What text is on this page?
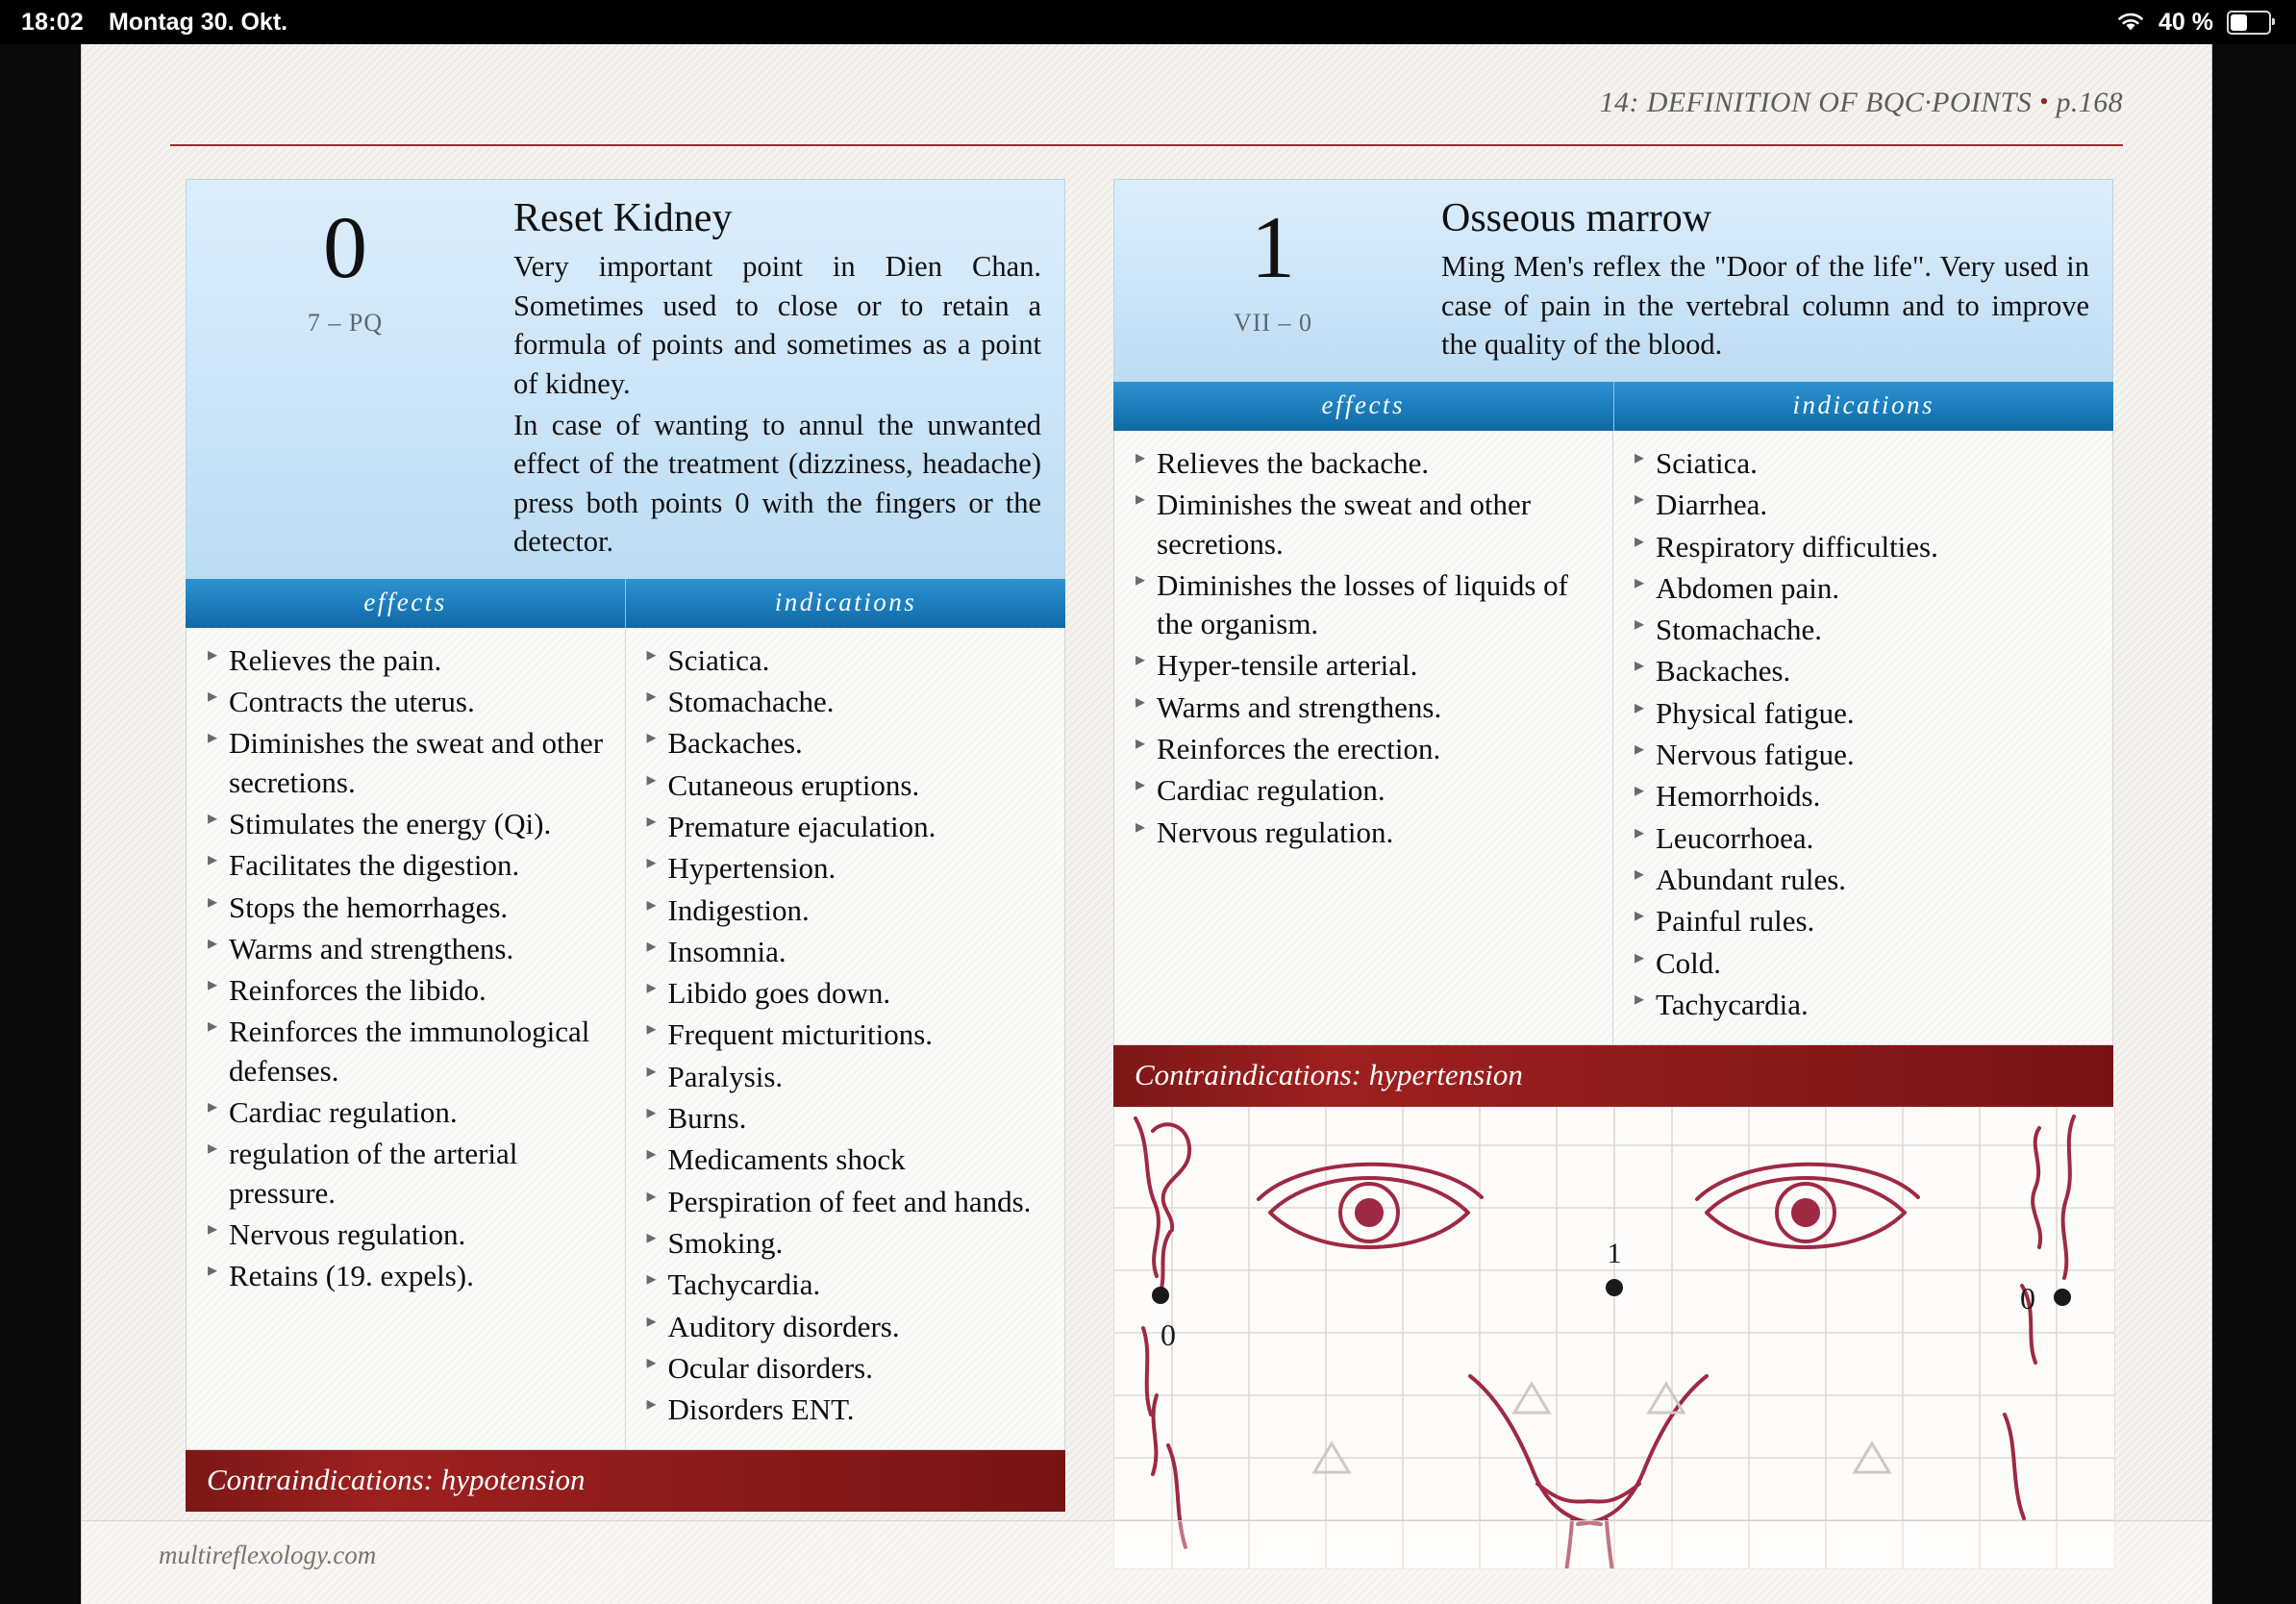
18:02 Montag 30. Okt.	40 %
14: DEFINITION OF BQC·POINTS • p.168
0
7 – PQ
Reset Kidney

Very important point in Dien Chan. Sometimes used to close or to retain a formula of points and sometimes as a point of kidney.

In case of wanting to annul the unwanted effect of the treatment (dizziness, headache) press both points 0 with the fingers or the detector.

effects	indications
▸ Relieves the pain.
▸ Contracts the uterus.
▸ Diminishes the sweat and other secretions.
▸ Stimulates the energy (Qi).
▸ Facilitates the digestion.
▸ Stops the hemorrhages.
▸ Warms and strengthens.
▸ Reinforces the libido.
▸ Reinforces the immunological defenses.
▸ Cardiac regulation.
▸ regulation of the arterial pressure.
▸ Nervous regulation.
▸ Retains (19. expels).
▸ Sciatica.
▸ Stomachache.
▸ Backaches.
▸ Cutaneous eruptions.
▸ Premature ejaculation.
▸ Hypertension.
▸ Indigestion.
▸ Insomnia.
▸ Libido goes down.
▸ Frequent micturitions.
▸ Paralysis.
▸ Burns.
▸ Medicaments shock
▸ Perspiration of feet and hands.
▸ Smoking.
▸ Tachycardia.
▸ Auditory disorders.
▸ Ocular disorders.
▸ Disorders ENT.
Contraindications: hypotension
1
VII – 0
Osseous marrow

Ming Men's reflex the "Door of the life". Very used in case of pain in the vertebral column and to improve the quality of the blood.

effects	indications
▸ Relieves the backache.
▸ Diminishes the sweat and other secretions.
▸ Diminishes the losses of liquids of the organism.
▸ Hyper-tensile arterial.
▸ Warms and strengthens.
▸ Reinforces the erection.
▸ Cardiac regulation.
▸ Nervous regulation.
▸ Sciatica.
▸ Diarrhea.
▸ Respiratory difficulties.
▸ Abdomen pain.
▸ Stomachache.
▸ Backaches.
▸ Physical fatigue.
▸ Nervous fatigue.
▸ Hemorrhoids.
▸ Leucorrhoea.
▸ Abundant rules.
▸ Painful rules.
▸ Cold.
▸ Tachycardia.
Contraindications: hypertension
1
0
0
multireflexology.com
